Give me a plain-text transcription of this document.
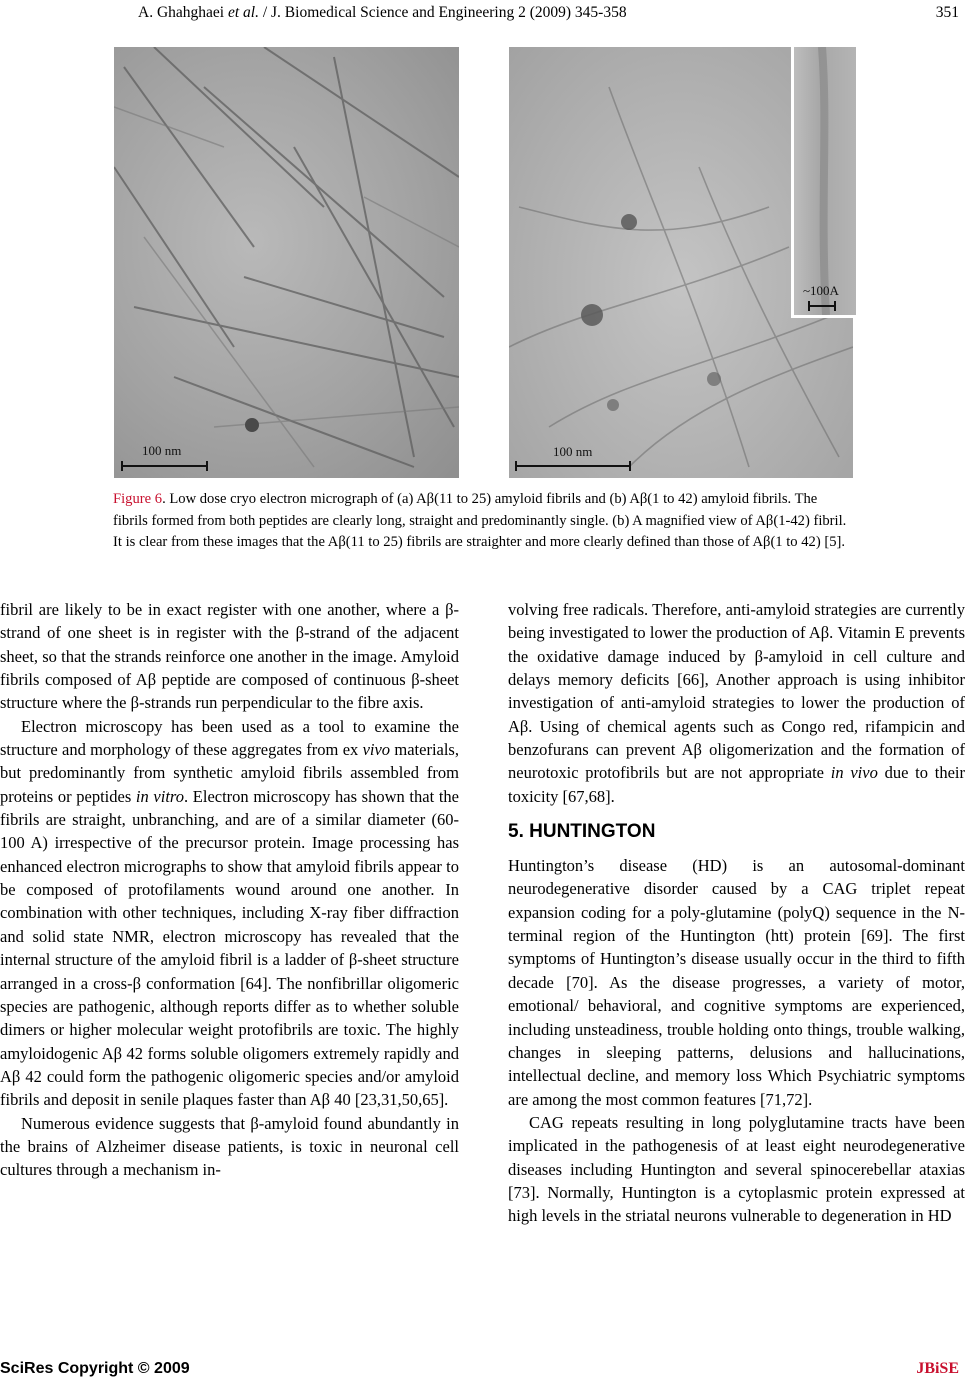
A. Ghahghaei et al. / J. Biomedical Science and Engineering 2 (2009) 345-358	351
100 nm
~100A
100 nm
Figure 6. Low dose cryo electron micrograph of (a) Aβ(11 to 25) amyloid fibrils and (b) Aβ(1 to 42) amyloid fibrils. The fibrils formed from both peptides are clearly long, straight and predominantly single. (b) A magnified view of Aβ(1-42) fibril. It is clear from these images that the Aβ(11 to 25) fibrils are straighter and more clearly defined than those of Aβ(1 to 42) [5].

fibril are likely to be in exact register with one another, where a β-strand of one sheet is in register with the β-strand of the adjacent sheet, so that the strands reinforce one another in the image. Amyloid fibrils composed of Aβ peptide are composed of continuous β-sheet structure where the β-strands run perpendicular to the fibre axis.

Electron microscopy has been used as a tool to examine the structure and morphology of these aggregates from ex vivo materials, but predominantly from synthetic amyloid fibrils assembled from proteins or peptides in vitro. Electron microscopy has shown that the fibrils are straight, unbranching, and are of a similar diameter (60-100 A) irrespective of the precursor protein. Image processing has enhanced electron micrographs to show that amyloid fibrils appear to be composed of protofilaments wound around one another. In combination with other techniques, including X-ray fiber diffraction and solid state NMR, electron microscopy has revealed that the internal structure of the amyloid fibril is a ladder of β-sheet structure arranged in a cross-β conformation [64]. The nonfibrillar oligomeric species are pathogenic, although reports differ as to whether soluble dimers or higher molecular weight protofibrils are toxic. The highly amyloidogenic Aβ 42 forms soluble oligomers extremely rapidly and Aβ 42 could form the pathogenic oligomeric species and/or amyloid fibrils and deposit in senile plaques faster than Aβ 40 [23,31,50,65].

Numerous evidence suggests that β-amyloid found abundantly in the brains of Alzheimer disease patients, is toxic in neuronal cell cultures through a mechanism in-

volving free radicals. Therefore, anti-amyloid strategies are currently being investigated to lower the production of Aβ. Vitamin E prevents the oxidative damage induced by β-amyloid in cell culture and delays memory deficits [66], Another approach is using inhibitor investigation of anti-amyloid strategies to lower the production of Aβ. Using of chemical agents such as Congo red, rifampicin and benzofurans can prevent Aβ oligomerization and the formation of neurotoxic protofibrils but are not appropriate in vivo due to their toxicity [67,68].

5. HUNTINGTON

Huntington’s disease (HD) is an autosomal-dominant neurodegenerative disorder caused by a CAG triplet repeat expansion coding for a poly-glutamine (polyQ) sequence in the N-terminal region of the Huntington (htt) protein [69]. The first symptoms of Huntington’s disease usually occur in the third to fifth decade [70]. As the disease progresses, a variety of motor, emotional/ behavioral, and cognitive symptoms are experienced, including unsteadiness, trouble holding onto things, trouble walking, changes in sleeping patterns, delusions and hallucinations, intellectual decline, and memory loss Which Psychiatric symptoms are among the most common features [71,72].

CAG repeats resulting in long polyglutamine tracts have been implicated in the pathogenesis of at least eight neurodegenerative diseases including Huntington and several spinocerebellar ataxias [73]. Normally, Huntington is a cytoplasmic protein expressed at high levels in the striatal neurons vulnerable to degeneration in HD

SciRes Copyright © 2009	JBiSE
